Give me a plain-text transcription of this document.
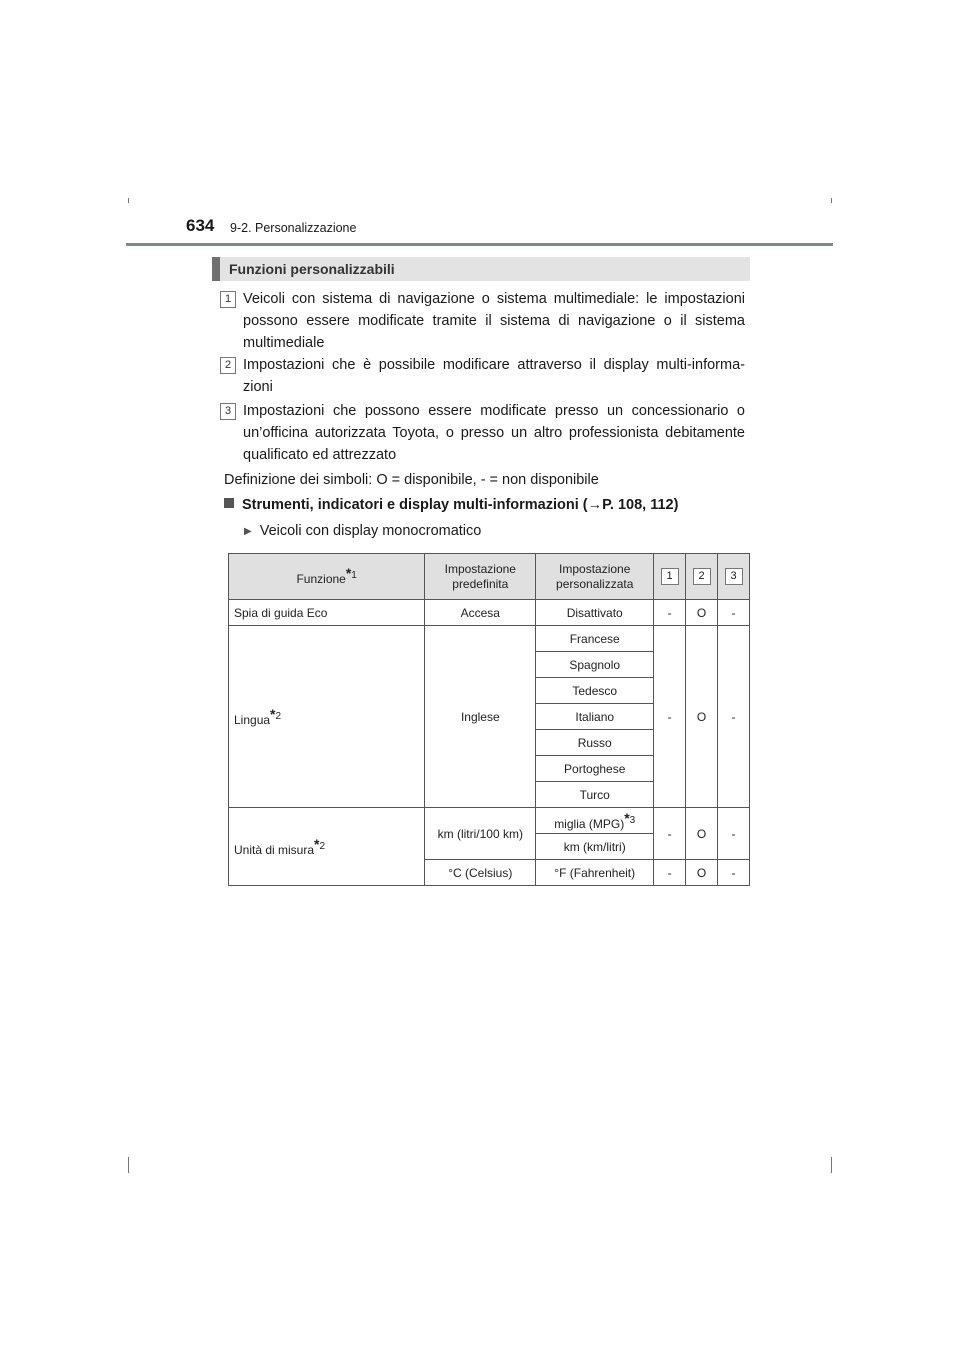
634 9-2. Personalizzazione
Funzioni personalizzabili
1 Veicoli con sistema di navigazione o sistema multimediale: le impostazioni possono essere modificate tramite il sistema di navigazione o il sistema multimediale
2 Impostazioni che è possibile modificare attraverso il display multi-informa-zioni
3 Impostazioni che possono essere modificate presso un concessionario o un’officina autorizzata Toyota, o presso un altro professionista debitamente qualificato ed attrezzato
Definizione dei simboli: O = disponibile, - = non disponibile
Strumenti, indicatori e display multi-informazioni (→P. 108, 112)
▶ Veicoli con display monocromatico
Funzione$^{*1}$	Impostazione predefinita	Impostazione personalizzata	1	2	3
Spia di guida Eco	Accesa	Disattivato	-	O	-
Lingua$^{*2}$	Inglese	Francese	-	O	-
		Spagnolo			
		Tedesco			
		Italiano			
		Russo			
		Portoghese			
		Turco			
Unità di misura$^{*2}$	km (litri/100 km)	miglia (MPG)$^{*3}$	-	O	-
		km (km/litri)			
	°C (Celsius)	°F (Fahrenheit)	-	O	-
